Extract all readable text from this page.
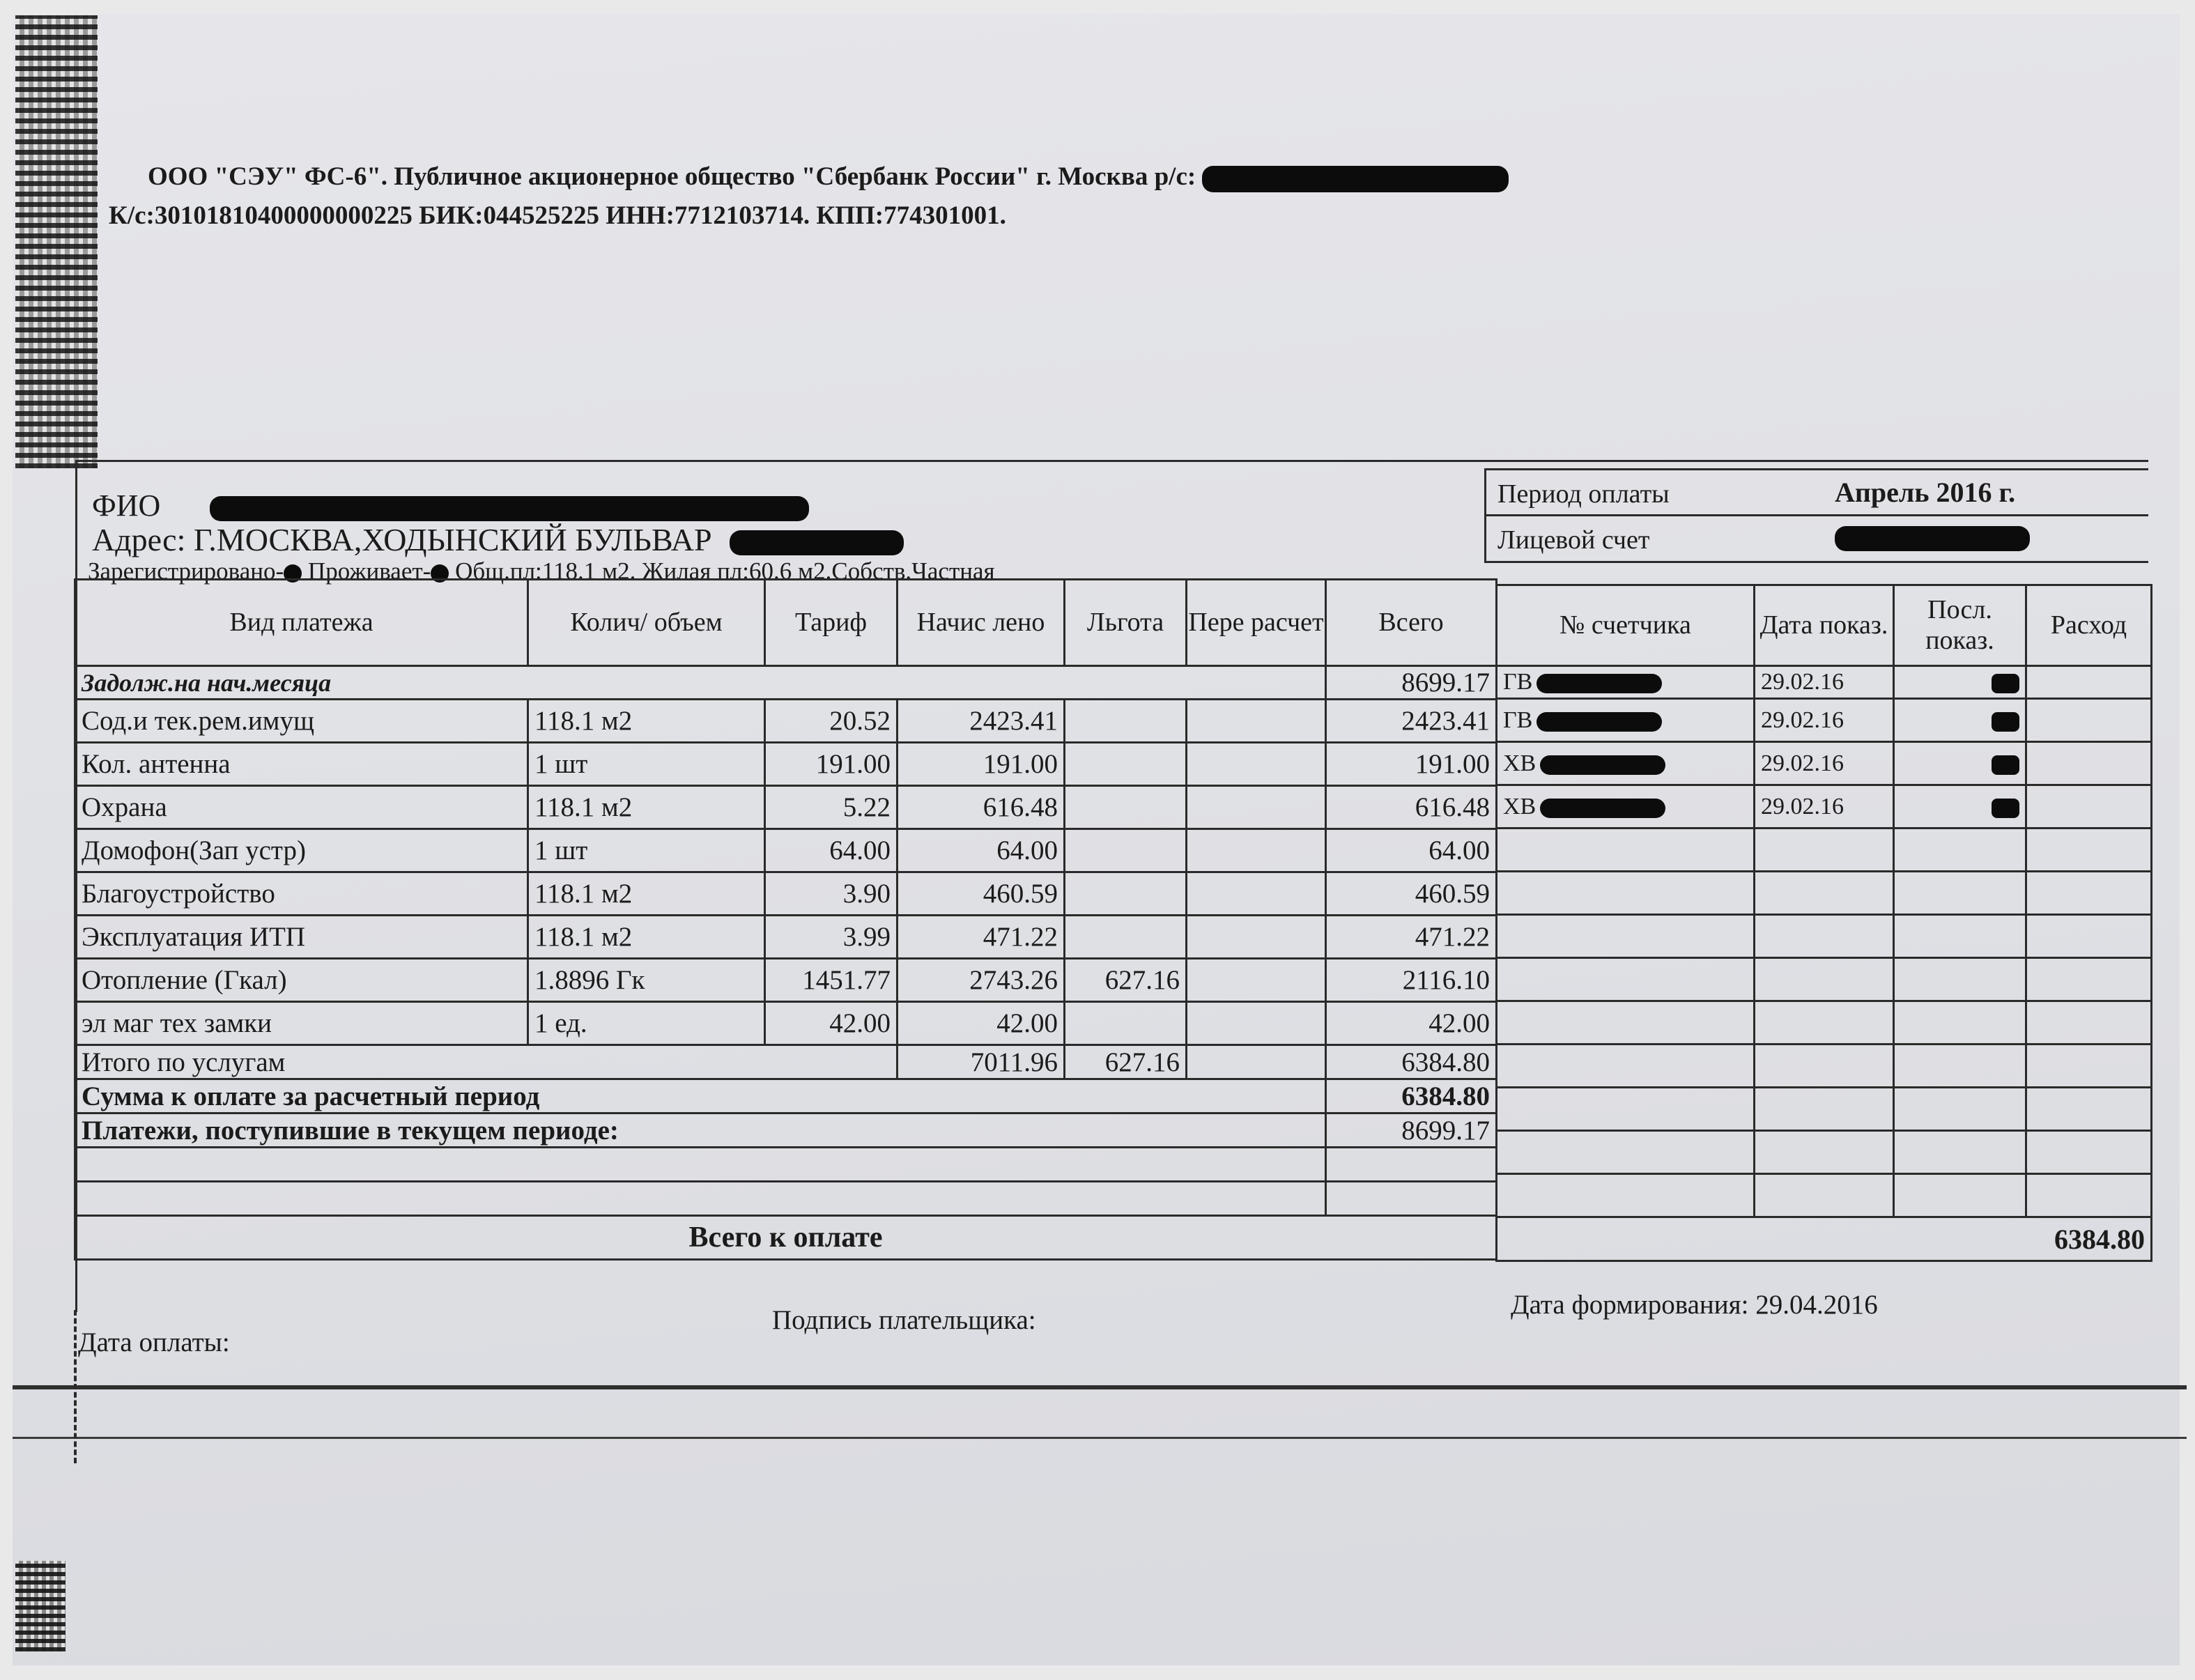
ООО "СЭУ" ФС-6". Публичное акционерное общество "Сбербанк России" г. Москва р/с:
К/с:30101810400000000225 БИК:044525225 ИНН:7712103714. КПП:774301001.
ФИО
Адрес: Г.МОСКВА,ХОДЫНСКИЙ БУЛЬВАР
Зарегистрировано- Проживает- Общ.пл:118.1 м2. Жилая пл:60.6 м2.Собств.Частная
Период оплаты	Апрель 2016 г.
Лицевой счет
Вид платежа	Колич/ объем	Тариф	Начис лено	Льгота	Пере расчет	Всего
Задолж.на нач.месяца						8699.17
Сод.и тек.рем.имущ	118.1 м2	20.52	2423.41			2423.41
Кол. антенна	1 шт	191.00	191.00			191.00
Охрана	118.1 м2	5.22	616.48			616.48
Домофон(Зап устр)	1 шт	64.00	64.00			64.00
Благоустройство	118.1 м2	3.90	460.59			460.59
Эксплуатация ИТП	118.1 м2	3.99	471.22			471.22
Отопление (Гкал)	1.8896 Гк	1451.77	2743.26	627.16		2116.10
эл маг тех замки	1 ед.	42.00	42.00			42.00
Итого по услугам			7011.96	627.16		6384.80
Сумма к оплате за расчетный период						6384.80
Платежи, поступившие в текущем периоде:						8699.17

Всего к оплате						
№ счетчика	Дата показ.	Посл. показ.	Расход
ГВ	29.02.16		
ГВ	29.02.16		
ХВ	29.02.16		
ХВ	29.02.16		

6384.80			
Подпись плательщика:
Дата формирования: 29.04.2016
Дата оплаты:
